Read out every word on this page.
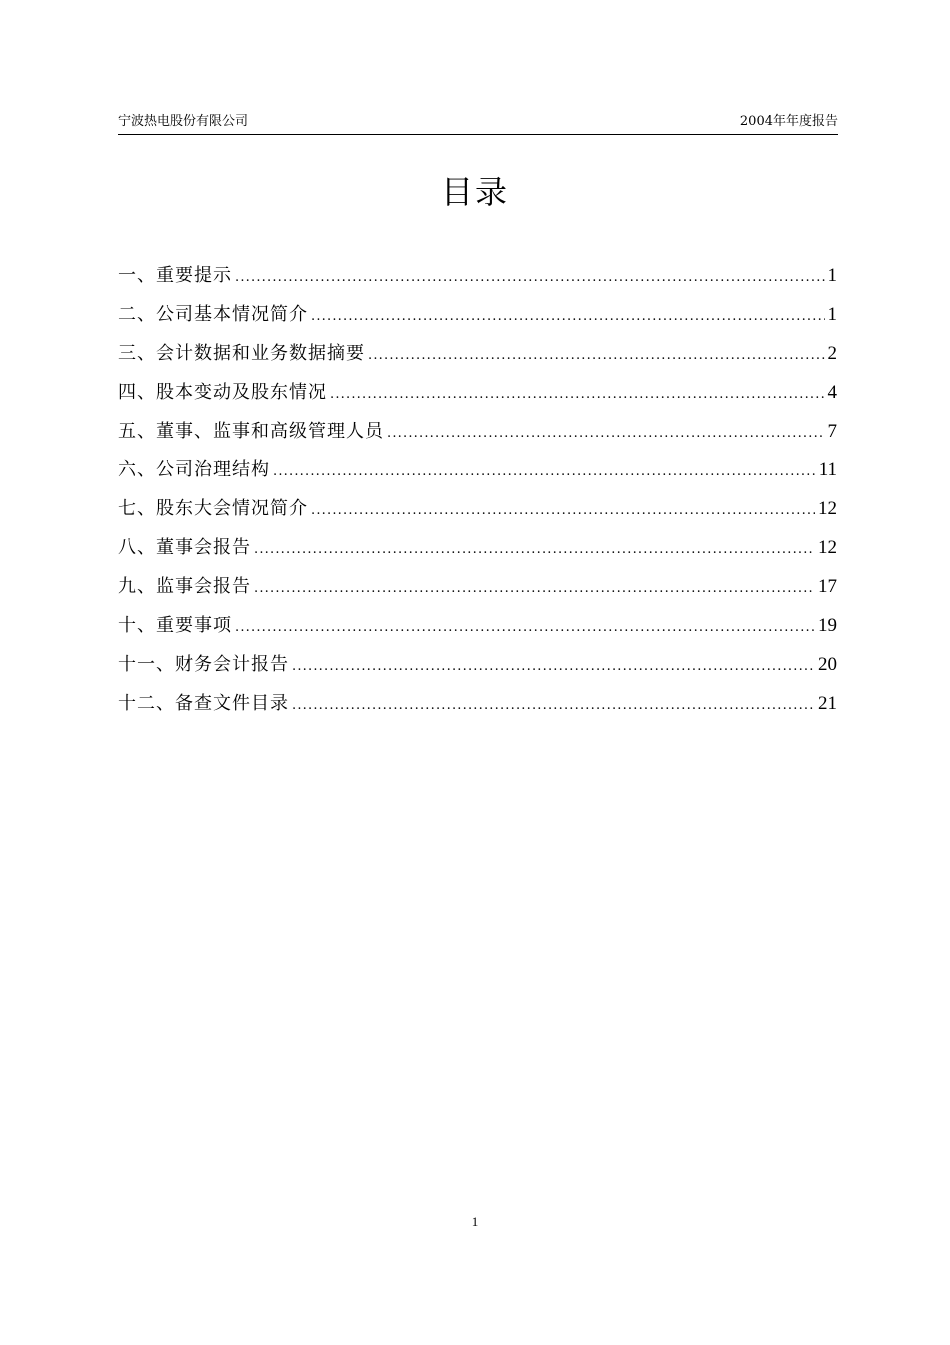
宁波热电股份有限公司	2004年年度报告
目录
一、重要提示 .....	1
二、公司基本情况简介 .....	1
三、会计数据和业务数据摘要 .....	2
四、股本变动及股东情况 .....	4
五、董事、监事和高级管理人员 .....	7
六、公司治理结构 .....	11
七、股东大会情况简介 .....	12
八、董事会报告 .....	12
九、监事会报告 .....	17
十、重要事项 .....	19
十一、财务会计报告 .....	20
十二、备查文件目录 .....	21
1
